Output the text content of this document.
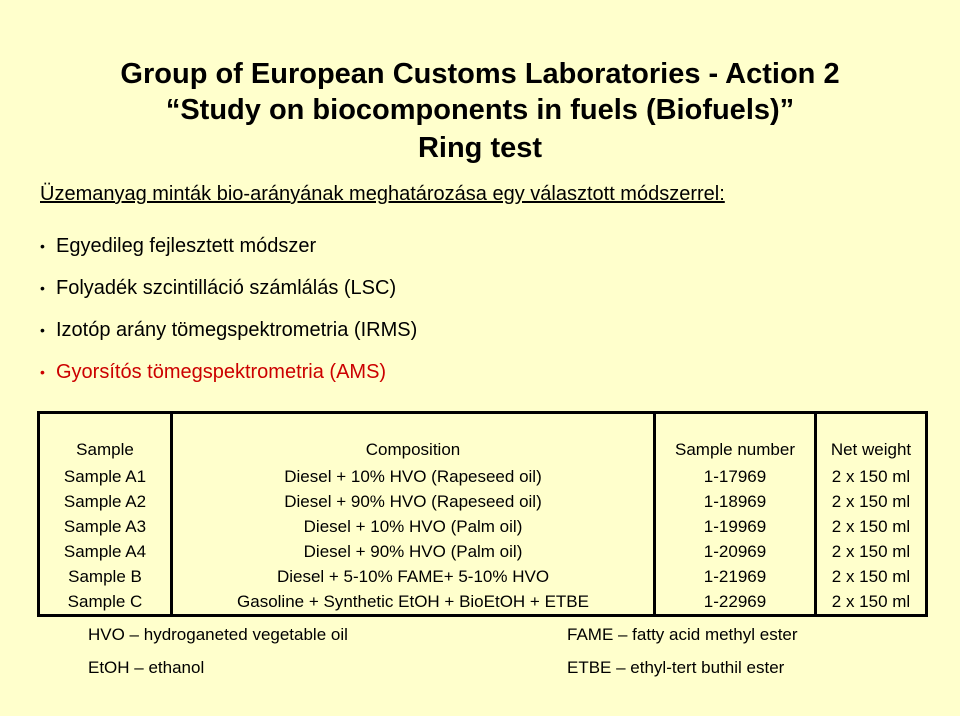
Group of European Customs Laboratories - Action 2
“Study on biocomponents in fuels (Biofuels)”
Ring test
Üzemanyag minták bio-arányának meghatározása egy választott módszerrel:
• Egyedileg fejlesztett módszer
• Folyadék szcintilláció számlálás (LSC)
• Izotóp arány tömegspektrometria (IRMS)
• Gyorsítós tömegspektrometria (AMS)
Sample	Composition	Sample number	Net weight
Sample A1	Diesel + 10% HVO (Rapeseed oil)	1-17969	2 x 150 ml
Sample A2	Diesel + 90% HVO (Rapeseed oil)	1-18969	2 x 150 ml
Sample A3	Diesel + 10% HVO (Palm oil)	1-19969	2 x 150 ml
Sample A4	Diesel + 90% HVO (Palm oil)	1-20969	2 x 150 ml
Sample B	Diesel + 5-10% FAME+ 5-10% HVO	1-21969	2 x 150 ml
Sample C	Gasoline + Synthetic EtOH + BioEtOH + ETBE	1-22969	2 x 150 ml
HVO – hydroganeted vegetable oil
EtOH – ethanol
FAME – fatty acid methyl ester
ETBE – ethyl-tert buthil ester
